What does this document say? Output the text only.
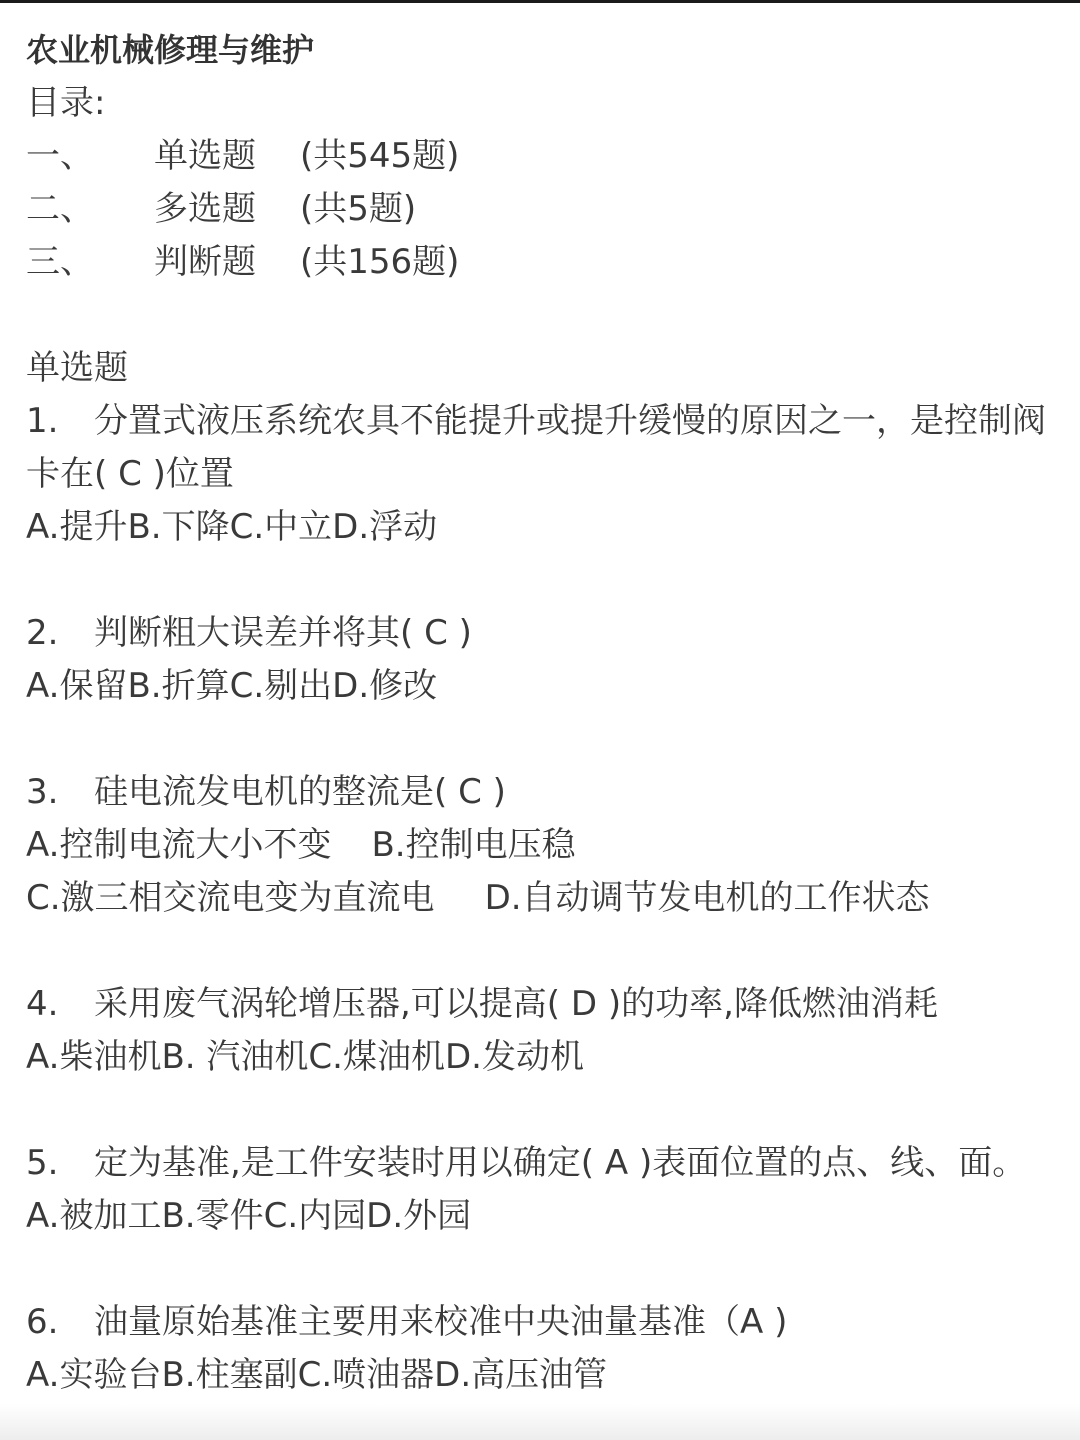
农业机械修理与维护
目录:
一、	单选题	(共545题)
二、	多选题	(共5题)
三、	判断题	(共156题)
单选题
1. 分置式液压系统农具不能提升或提升缓慢的原因之一，是控制阀卡在( C )位置
A.提升B.下降C.中立D.浮动
2. 判断粗大误差并将其( C )
A.保留B.折算C.剔出D.修改
3. 硅电流发电机的整流是( C )
A.控制电流大小不变 B.控制电压稳
C.激三相交流电变为直流电 D.自动调节发电机的工作状态
4. 采用废气涡轮增压器,可以提高( D )的功率,降低燃油消耗
A.柴油机B. 汽油机C.煤油机D.发动机
5. 定为基准,是工件安装时用以确定( A )表面位置的点、线、面。
A.被加工B.零件C.内园D.外园
6. 油量原始基准主要用来校准中央油量基准（A )
A.实验台B.柱塞副C.喷油器D.高压油管
